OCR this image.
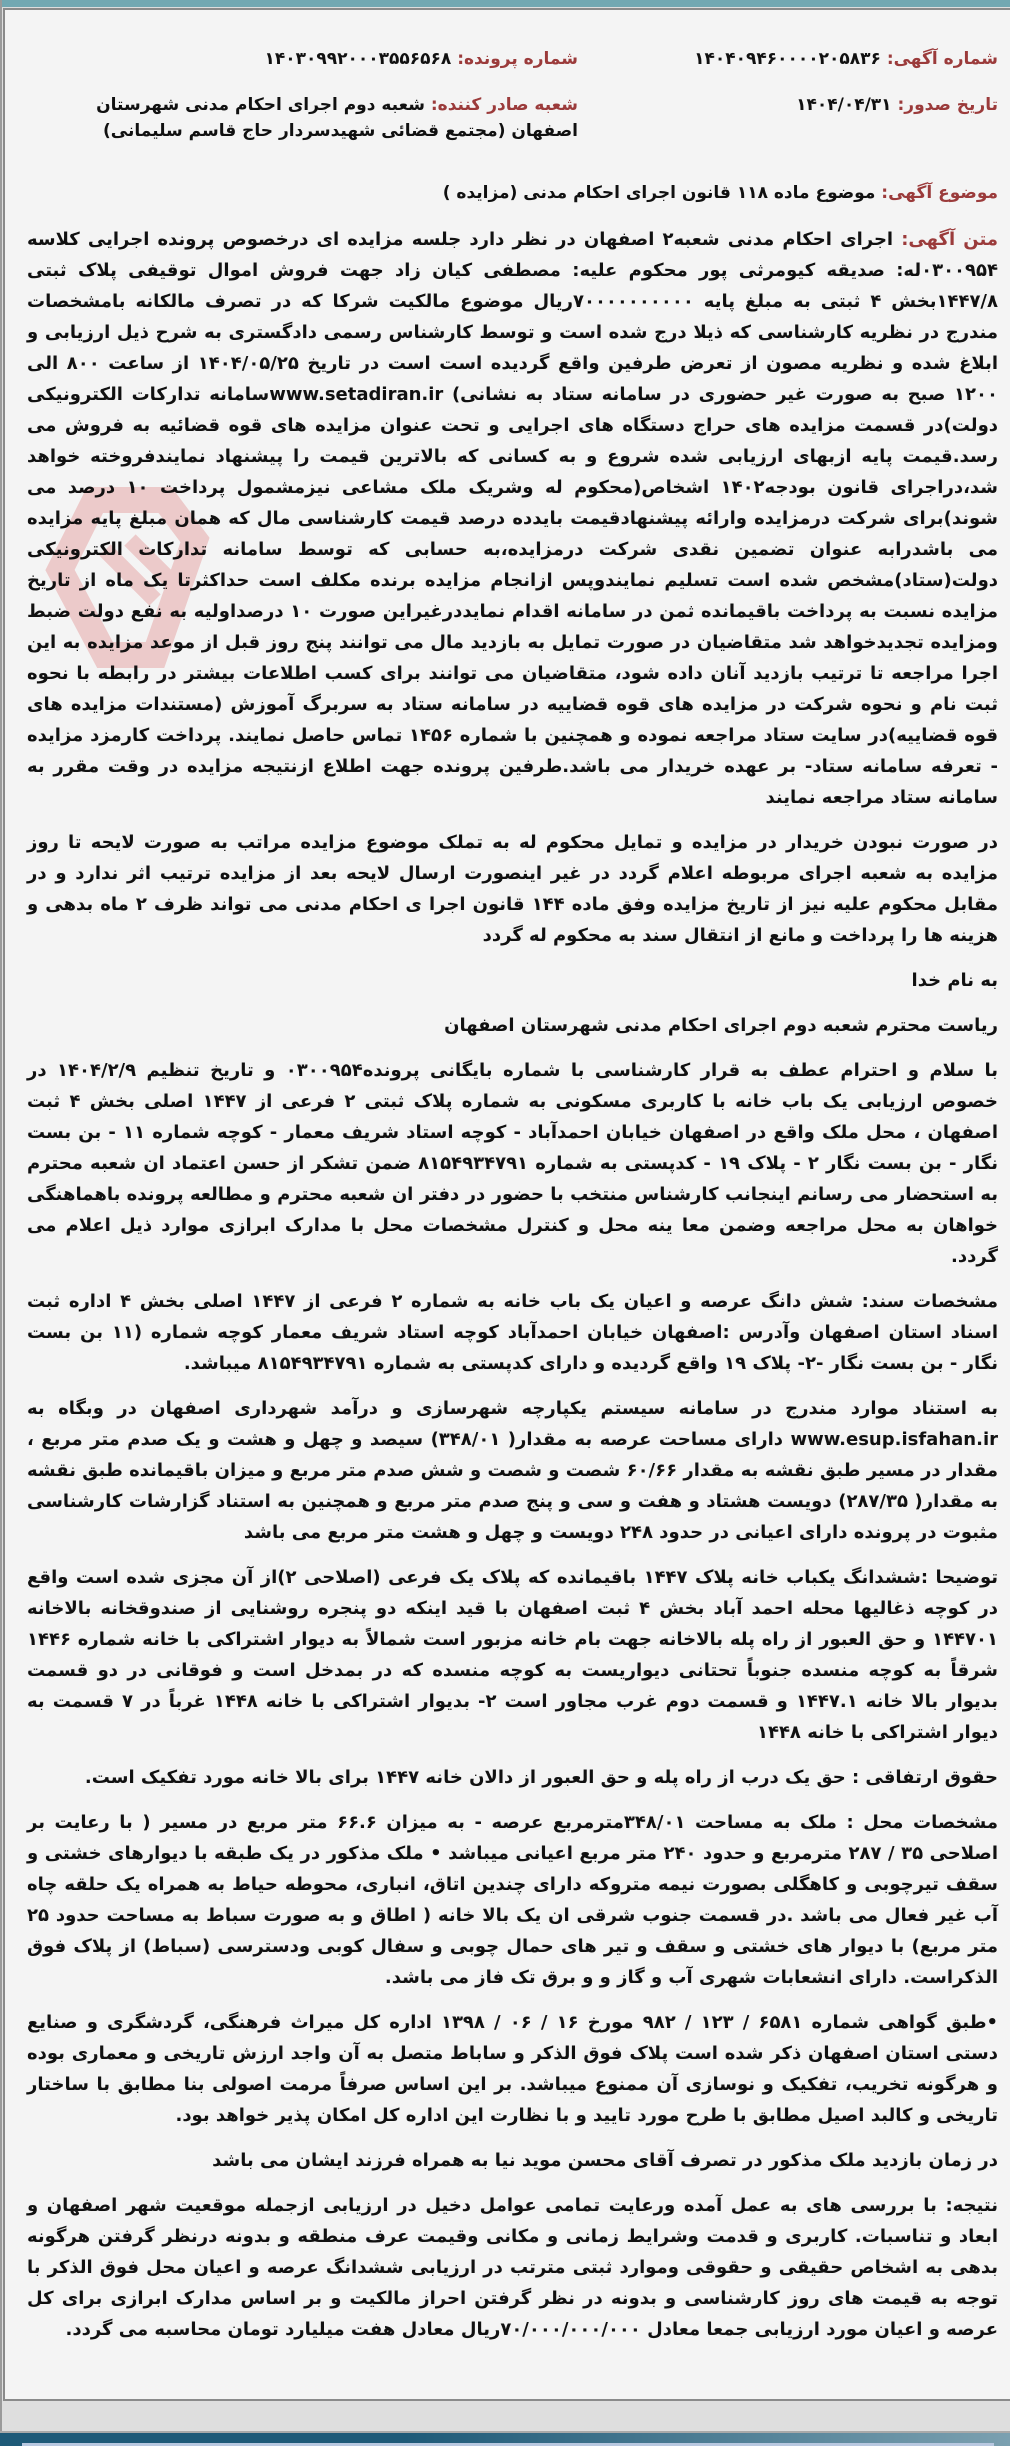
شماره آگهی: ۱۴۰۴۰۹۴۶۰۰۰۰۲۰۵۸۳۶
شماره پرونده: ۱۴۰۳۰۹۹۲۰۰۰۳۵۵۶۵۶۸
تاریخ صدور: ۱۴۰۴/۰۴/۳۱
شعبه صادر کننده: شعبه دوم اجرای احکام مدنی شهرستان اصفهان (مجتمع قضائی شهیدسردار حاج قاسم سلیمانی)
موضوع آگهی: موضوع ماده ۱۱۸ قانون اجرای احکام مدنی (مزایده )
متن آگهی: اجرای احکام مدنی شعبه۲ اصفهان در نظر دارد جلسه مزایده ای درخصوص پرونده اجرایی کلاسه ۰۳۰۰۹۵۴له: صدیقه کیومرثی پور محکوم علیه: مصطفی کیان زاد جهت فروش اموال توقیفی پلاک ثبتی ۱۴۴۷/۸بخش ۴ ثبتی به مبلغ پایه ۷۰۰۰۰۰۰۰۰۰۰ریال موضوع مالکیت شرکا که در تصرف مالکانه بامشخصات مندرج در نظریه کارشناسی که ذیلا درج شده است و توسط کارشناس رسمی دادگستری به شرح ذیل ارزیابی و ابلاغ شده و نظریه مصون از تعرض طرفین واقع گردیده است است در تاریخ ۱۴۰۴/۰۵/۲۵ از ساعت ۸۰۰ الی ۱۲۰۰ صبح به صورت غیر حضوری در سامانه ستاد به نشانی) www.setadiran.irسامانه تدارکات الکترونیکی دولت)در قسمت مزایده های حراج دستگاه های اجرایی و تحت عنوان مزایده های قوه قضائیه به فروش می رسد.قیمت پایه ازبهای ارزیابی شده شروع و به کسانی که بالاترین قیمت را پیشنهاد نمایندفروخته خواهد شد،دراجرای قانون بودجه۱۴۰۲ اشخاص(محکوم له وشریک ملک مشاعی نیزمشمول پرداخت ۱۰ درصد می شوند)برای شرکت درمزایده وارائه پیشنهادقیمت بایدده درصد قیمت کارشناسی مال که همان مبلغ پایه مزایده می باشدرابه عنوان تضمین نقدی شرکت درمزایده،به حسابی که توسط سامانه تدارکات الکترونیکی دولت(ستاد)مشخص شده است تسلیم نمایندوپس ازانجام مزایده برنده مکلف است حداکثرتا یک ماه از تاریخ مزایده نسبت به پرداخت باقیمانده ثمن در سامانه اقدام نمایددرغیراین صورت ۱۰ درصداولیه به نفع دولت ضبط ومزایده تجدیدخواهد شد متقاضیان در صورت تمایل به بازدید مال می توانند پنج روز قبل از موعد مزایده به این اجرا مراجعه تا ترتیب بازدید آنان داده شود، متقاضیان می توانند برای کسب اطلاعات بیشتر در رابطه با نحوه ثبت نام و نحوه شرکت در مزایده های قوه قضاییه در سامانه ستاد به سربرگ آموزش (مستندات مزایده های قوه قضاییه)در سایت ستاد مراجعه نموده و همچنین با شماره ۱۴۵۶ تماس حاصل نمایند. پرداخت کارمزد مزایده - تعرفه سامانه ستاد- بر عهده خریدار می باشد.طرفین پرونده جهت اطلاع ازنتیجه مزایده در وقت مقرر به سامانه ستاد مراجعه نمایند
در صورت نبودن خریدار در مزایده و تمایل محکوم له به تملک موضوع مزایده مراتب به صورت لایحه تا روز مزایده به شعبه اجرای مربوطه اعلام گردد در غیر اینصورت ارسال لایحه بعد از مزایده ترتیب اثر ندارد و در مقابل محکوم علیه نیز از تاریخ مزایده وفق ماده ۱۴۴ قانون اجرا ی احکام مدنی می تواند ظرف ۲ ماه بدهی و هزینه ها را پرداخت و مانع از انتقال سند به محکوم له گردد
به نام خدا
ریاست محترم شعبه دوم اجرای احکام مدنی شهرستان اصفهان
با سلام و احترام عطف به قرار کارشناسی با شماره بایگانی پرونده۰۳۰۰۹۵۴ و تاریخ تنظیم ۱۴۰۴/۲/۹ در خصوص ارزیابی یک باب خانه با کاربری مسکونی به شماره پلاک ثبتی ۲ فرعی از ۱۴۴۷ اصلی بخش ۴ ثبت اصفهان ، محل ملک واقع در اصفهان خیابان احمدآباد - کوچه استاد شریف معمار - کوچه شماره ۱۱ - بن بست نگار - بن بست نگار ۲ - پلاک ۱۹ - کدپستی به شماره ۸۱۵۴۹۳۴۷۹۱ ضمن تشکر از حسن اعتماد ان شعبه محترم به استحضار می رسانم اینجانب کارشناس منتخب با حضور در دفتر ان شعبه محترم و مطالعه پرونده باهماهنگی خواهان به محل مراجعه وضمن معا ینه محل و کنترل مشخصات محل با مدارک ابرازی موارد ذیل اعلام می گردد.
مشخصات سند: شش دانگ عرصه و اعیان یک باب خانه به شماره ۲ فرعی از ۱۴۴۷ اصلی بخش ۴ اداره ثبت اسناد استان اصفهان وآدرس :اصفهان خیابان احمدآباد کوچه استاد شریف معمار کوچه شماره (۱۱ بن بست نگار - بن بست نگار -۲- پلاک ۱۹ واقع گردیده و دارای کدپستی به شماره ۸۱۵۴۹۳۴۷۹۱ میباشد.
به استناد موارد مندرج در سامانه سیستم یکپارچه شهرسازی و درآمد شهرداری اصفهان در وبگاه به www.esup.isfahan.ir دارای مساحت عرصه به مقدار( ۳۴۸/۰۱) سیصد و چهل و هشت و یک صدم متر مربع ، مقدار در مسیر طبق نقشه به مقدار ۶۰/۶۶ شصت و شصت و شش صدم متر مربع و میزان باقیمانده طبق نقشه به مقدار( ۲۸۷/۳۵) دویست هشتاد و هفت و سی و پنج صدم متر مربع و همچنین به استناد گزارشات کارشناسی مثبوت در پرونده دارای اعیانی در حدود ۲۴۸ دویست و چهل و هشت متر مربع می باشد
توضیحا :ششدانگ یکباب خانه پلاک ۱۴۴۷ باقیمانده که پلاک یک فرعی (اصلاحی ۲)از آن مجزی شده است واقع در کوچه ذغالیها محله احمد آباد بخش ۴ ثبت اصفهان با قید اینکه دو پنجره روشنایی از صندوقخانه بالاخانه ۱۴۴۷۰۱ و حق العبور از راه پله بالاخانه جهت بام خانه مزبور است شمالاً به دیوار اشتراکی با خانه شماره ۱۴۴۶ شرقاً به کوچه منسده جنوباً تحتانی دیواریست به کوچه منسده که در بمدخل است و فوقانی در دو قسمت بدیوار بالا خانه ۱۴۴۷.۱ و قسمت دوم غرب مجاور است ۲- بدیوار اشتراکی با خانه ۱۴۴۸ غرباً در ۷ قسمت به دیوار اشتراکی با خانه ۱۴۴۸
حقوق ارتفاقی : حق یک درب از راه پله و حق العبور از دالان خانه ۱۴۴۷ برای بالا خانه مورد تفکیک است.
مشخصات محل : ملک به مساحت ۳۴۸/۰۱مترمربع عرصه - به میزان ۶۶.۶ متر مربع در مسیر ( با رعایت بر اصلاحی ۳۵ / ۲۸۷ مترمربع و حدود ۲۴۰ متر مربع اعیانی میباشد • ملک مذکور در یک طبقه با دیوارهای خشتی و سقف تیرچوبی و کاهگلی بصورت نیمه متروکه دارای چندین اتاق، انباری، محوطه حیاط به همراه یک حلقه چاه آب غیر فعال می باشد .در قسمت جنوب شرقی ان یک بالا خانه ( اطاق و به صورت سباط به مساحت حدود ۲۵ متر مربع) با دیوار های خشتی و سقف و تیر های حمال چوبی و سفال کوبی ودسترسی (سباط) از پلاک فوق الذکراست. دارای انشعابات شهری آب و گاز و و برق تک فاز می باشد.
•طبق گواهی شماره ۶۵۸۱ / ۱۲۳ / ۹۸۲ مورخ ۱۶ / ۰۶ / ۱۳۹۸ اداره کل میراث فرهنگی، گردشگری و صنایع دستی استان اصفهان ذکر شده است پلاک فوق الذکر و ساباط متصل به آن واجد ارزش تاریخی و معماری بوده و هرگونه تخریب، تفکیک و نوسازی آن ممنوع میباشد. بر این اساس صرفاً مرمت اصولی بنا مطابق با ساختار تاریخی و کالبد اصیل مطابق با طرح مورد تایید و با نظارت این اداره کل امکان پذیر خواهد بود.
در زمان بازدید ملک مذکور در تصرف آقای محسن موید نیا به همراه فرزند ایشان می باشد
نتیجه: با بررسی های به عمل آمده ورعایت تمامی عوامل دخیل در ارزیابی ازجمله موقعیت شهر اصفهان و ابعاد و تناسبات. کاربری و قدمت وشرایط زمانی و مکانی وقیمت عرف منطقه و بدونه درنظر گرفتن هرگونه بدهی به اشخاص حقیقی و حقوقی وموارد ثبتی مترتب در ارزیابی ششدانگ عرصه و اعیان محل فوق الذکر با توجه به قیمت های روز کارشناسی و بدونه در نظر گرفتن احراز مالکیت و بر اساس مدارک ابرازی برای کل عرصه و اعیان مورد ارزیابی جمعا معادل ۷۰/۰۰۰/۰۰۰/۰۰۰ریال معادل هفت میلیارد تومان محاسبه می گردد.
